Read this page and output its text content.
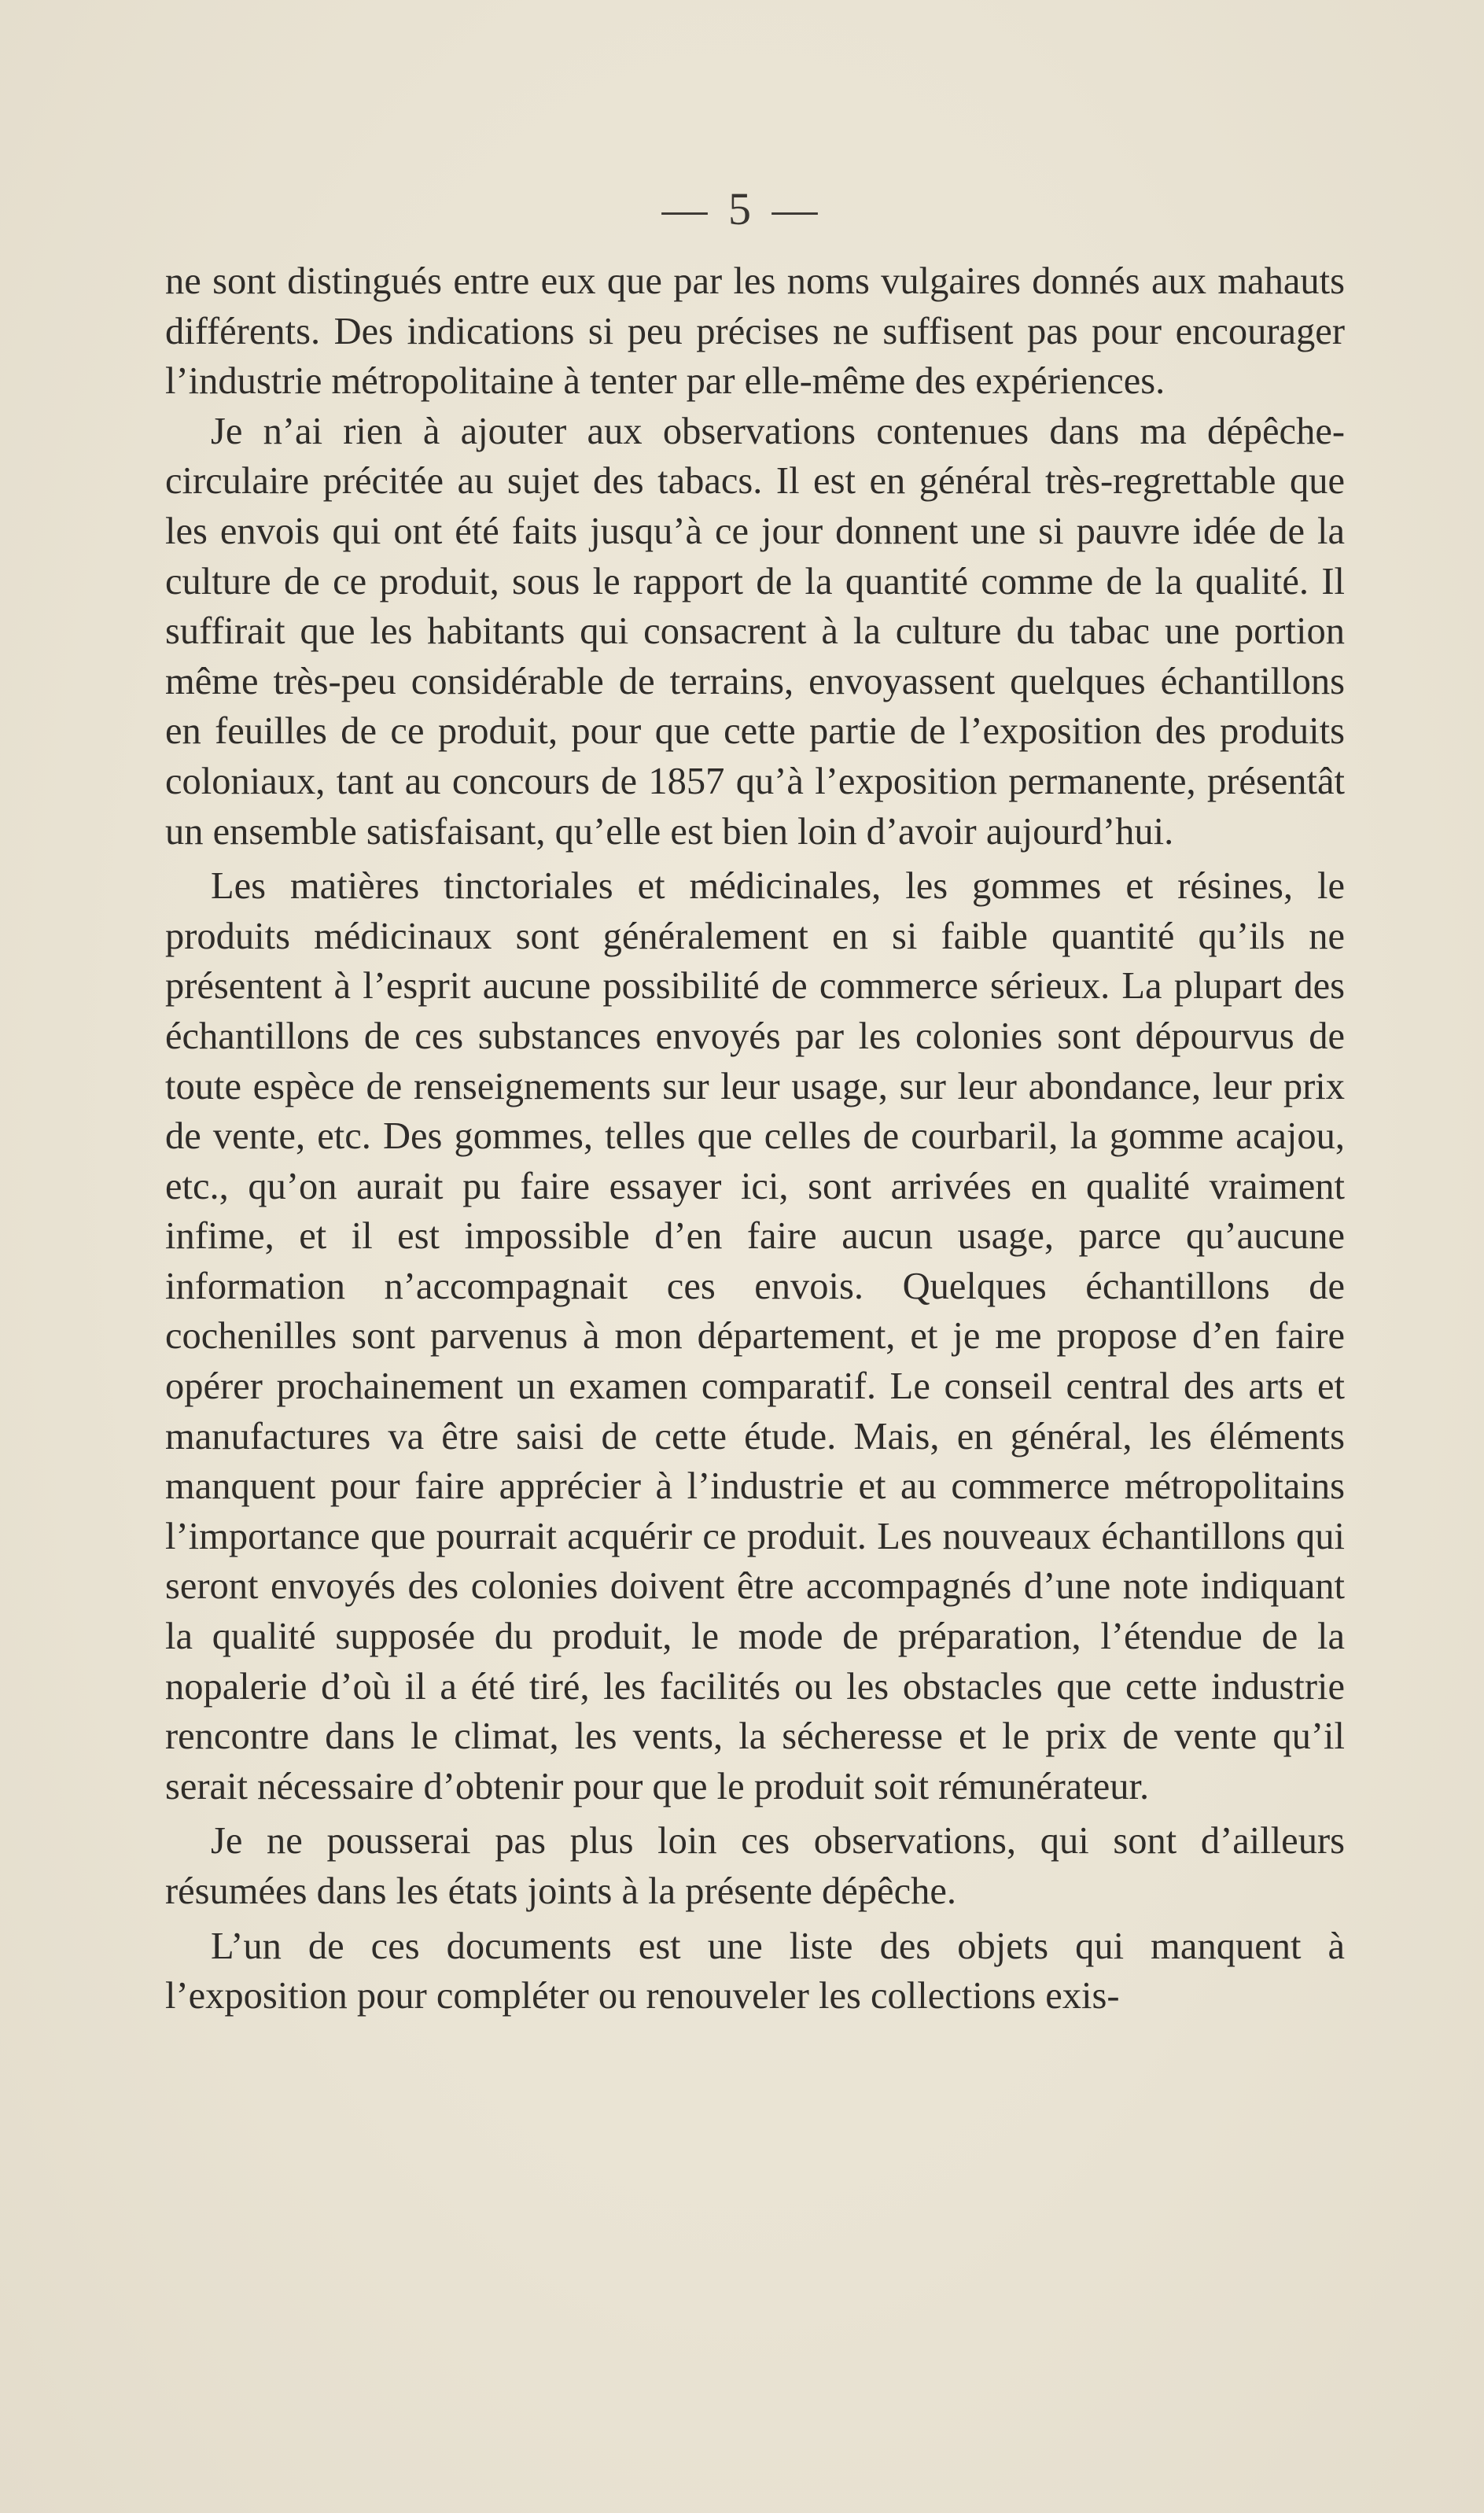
— 5 —

ne sont distingués entre eux que par les noms vulgaires donnés aux mahauts différents. Des indications si peu précises ne suffisent pas pour encourager l’industrie métropolitaine à tenter par elle-même des expériences.

Je n’ai rien à ajouter aux observations contenues dans ma dépêche-circulaire précitée au sujet des tabacs. Il est en général très-regrettable que les envois qui ont été faits jusqu’à ce jour donnent une si pauvre idée de la culture de ce produit, sous le rapport de la quantité comme de la qualité. Il suffirait que les habitants qui consacrent à la culture du tabac une portion même très-peu considérable de terrains, envoyassent quelques échantillons en feuilles de ce produit, pour que cette partie de l’exposition des produits coloniaux, tant au concours de 1857 qu’à l’exposition permanente, présentât un ensemble satisfaisant, qu’elle est bien loin d’avoir aujourd’hui.

Les matières tinctoriales et médicinales, les gommes et résines, le produits médicinaux sont généralement en si faible quantité qu’ils ne présentent à l’esprit aucune possibilité de commerce sérieux. La plupart des échantillons de ces substances envoyés par les colonies sont dépourvus de toute espèce de renseignements sur leur usage, sur leur abondance, leur prix de vente, etc. Des gommes, telles que celles de courbaril, la gomme acajou, etc., qu’on aurait pu faire essayer ici, sont arrivées en qualité vraiment infime, et il est impossible d’en faire aucun usage, parce qu’aucune information n’accompagnait ces envois. Quelques échantillons de cochenilles sont parvenus à mon département, et je me propose d’en faire opérer prochainement un examen comparatif. Le conseil central des arts et manufactures va être saisi de cette étude. Mais, en général, les éléments manquent pour faire apprécier à l’industrie et au commerce métropolitains l’importance que pourrait acquérir ce produit. Les nouveaux échantillons qui seront envoyés des colonies doivent être accompagnés d’une note indiquant la qualité supposée du produit, le mode de préparation, l’étendue de la nopalerie d’où il a été tiré, les facilités ou les obstacles que cette industrie rencontre dans le climat, les vents, la sécheresse et le prix de vente qu’il serait nécessaire d’obtenir pour que le produit soit rémunérateur.

Je ne pousserai pas plus loin ces observations, qui sont d’ailleurs résumées dans les états joints à la présente dépêche.

L’un de ces documents est une liste des objets qui manquent à l’exposition pour compléter ou renouveler les collections exis-
